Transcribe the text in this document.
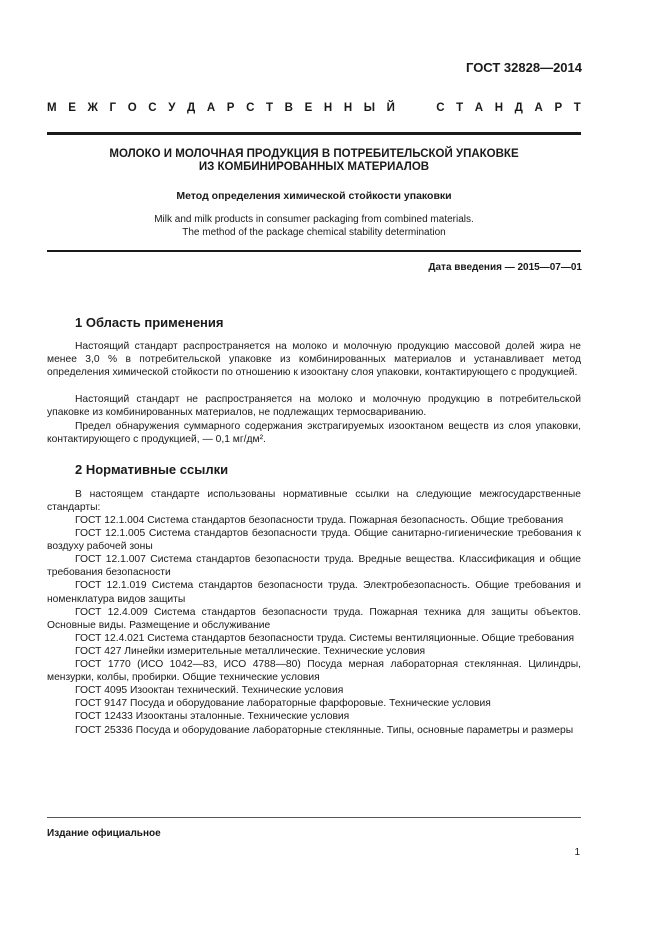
ГОСТ 32828—2014
М Е Ж Г О С У Д А Р С Т В Е Н Н Ы Й

	С Т А Н Д А Р Т
МОЛОКО И МОЛОЧНАЯ ПРОДУКЦИЯ В ПОТРЕБИТЕЛЬСКОЙ УПАКОВКЕ
ИЗ КОМБИНИРОВАННЫХ МАТЕРИАЛОВ
Метод определения химической стойкости упаковки
Milk and milk products in consumer packaging from combined materials.
The method of the package chemical stability determination
Дата введения — 2015—07—01
1 Область применения
Настоящий стандарт распространяется на молоко и молочную продукцию массовой долей жира не менее 3,0 % в потребительской упаковке из комбинированных материалов и устанавливает метод определения химической стойкости по отношению к изооктану слоя упаковки, контактирующего с продукцией.
Настоящий стандарт не распространяется на молоко и молочную продукцию в потребительской упаковке из комбинированных материалов, не подлежащих термосвариванию.
Предел обнаружения суммарного содержания экстрагируемых изооктаном веществ из слоя упаковки, контактирующего с продукцией, — 0,1 мг/дм².
2 Нормативные ссылки
В настоящем стандарте использованы нормативные ссылки на следующие межгосударственные стандарты:
ГОСТ 12.1.004 Система стандартов безопасности труда. Пожарная безопасность. Общие требования
ГОСТ 12.1.005 Система стандартов безопасности труда. Общие санитарно-гигиенические требования к воздуху рабочей зоны
ГОСТ 12.1.007 Система стандартов безопасности труда. Вредные вещества. Классификация и общие требования безопасности
ГОСТ 12.1.019 Система стандартов безопасности труда. Электробезопасность. Общие требования и номенклатура видов защиты
ГОСТ 12.4.009 Система стандартов безопасности труда. Пожарная техника для защиты объектов. Основные виды. Размещение и обслуживание
ГОСТ 12.4.021 Система стандартов безопасности труда. Системы вентиляционные. Общие требования
ГОСТ 427 Линейки измерительные металлические. Технические условия
ГОСТ 1770 (ИСО 1042—83, ИСО 4788—80) Посуда мерная лабораторная стеклянная. Цилиндры, мензурки, колбы, пробирки. Общие технические условия
ГОСТ 4095 Изооктан технический. Технические условия
ГОСТ 9147 Посуда и оборудование лабораторные фарфоровые. Технические условия
ГОСТ 12433 Изооктаны эталонные. Технические условия
ГОСТ 25336 Посуда и оборудование лабораторные стеклянные. Типы, основные параметры и размеры
Издание официальное
1
